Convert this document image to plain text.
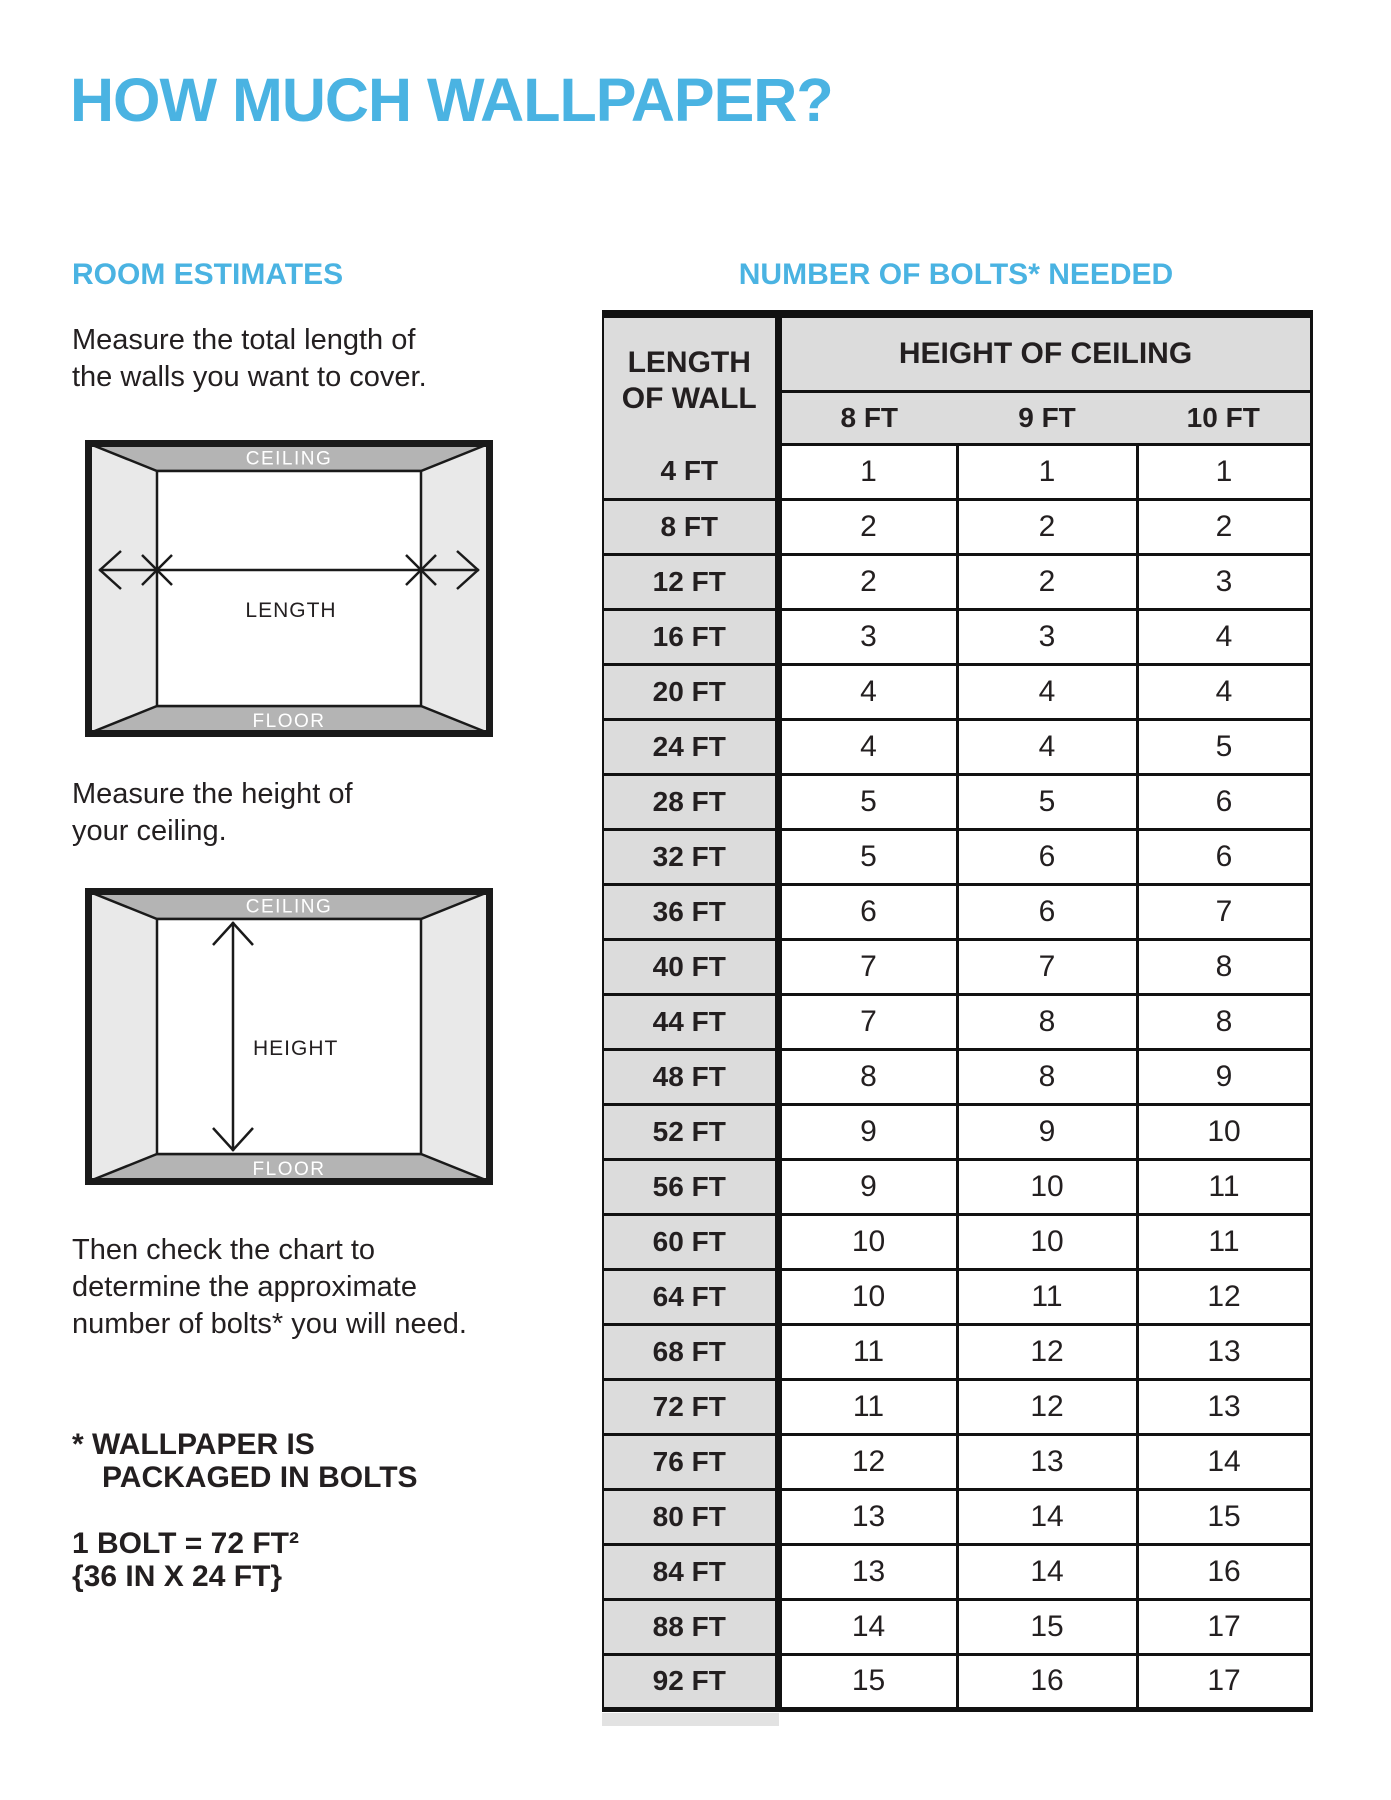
HOW MUCH WALLPAPER?
ROOM ESTIMATES
Measure the total length of
the walls you want to cover.
CEILING
FLOOR
LENGTH
Measure the height of
your ceiling.
CEILING
FLOOR
HEIGHT
Then check the chart to
determine the approximate
number of bolts* you will need.
* WALLPAPER IS
PACKAGED IN BOLTS
1 BOLT = 72 FT²
{36 IN X 24 FT}
NUMBER OF BOLTS* NEEDED
LENGTH
OF WALL	HEIGHT OF CEILING		
	8 FT	9 FT	10 FT
4 FT	1	1	1
8 FT	2	2	2
12 FT	2	2	3
16 FT	3	3	4
20 FT	4	4	4
24 FT	4	4	5
28 FT	5	5	6
32 FT	5	6	6
36 FT	6	6	7
40 FT	7	7	8
44 FT	7	8	8
48 FT	8	8	9
52 FT	9	9	10
56 FT	9	10	11
60 FT	10	10	11
64 FT	10	11	12
68 FT	11	12	13
72 FT	11	12	13
76 FT	12	13	14
80 FT	13	14	15
84 FT	13	14	16
88 FT	14	15	17
92 FT	15	16	17
